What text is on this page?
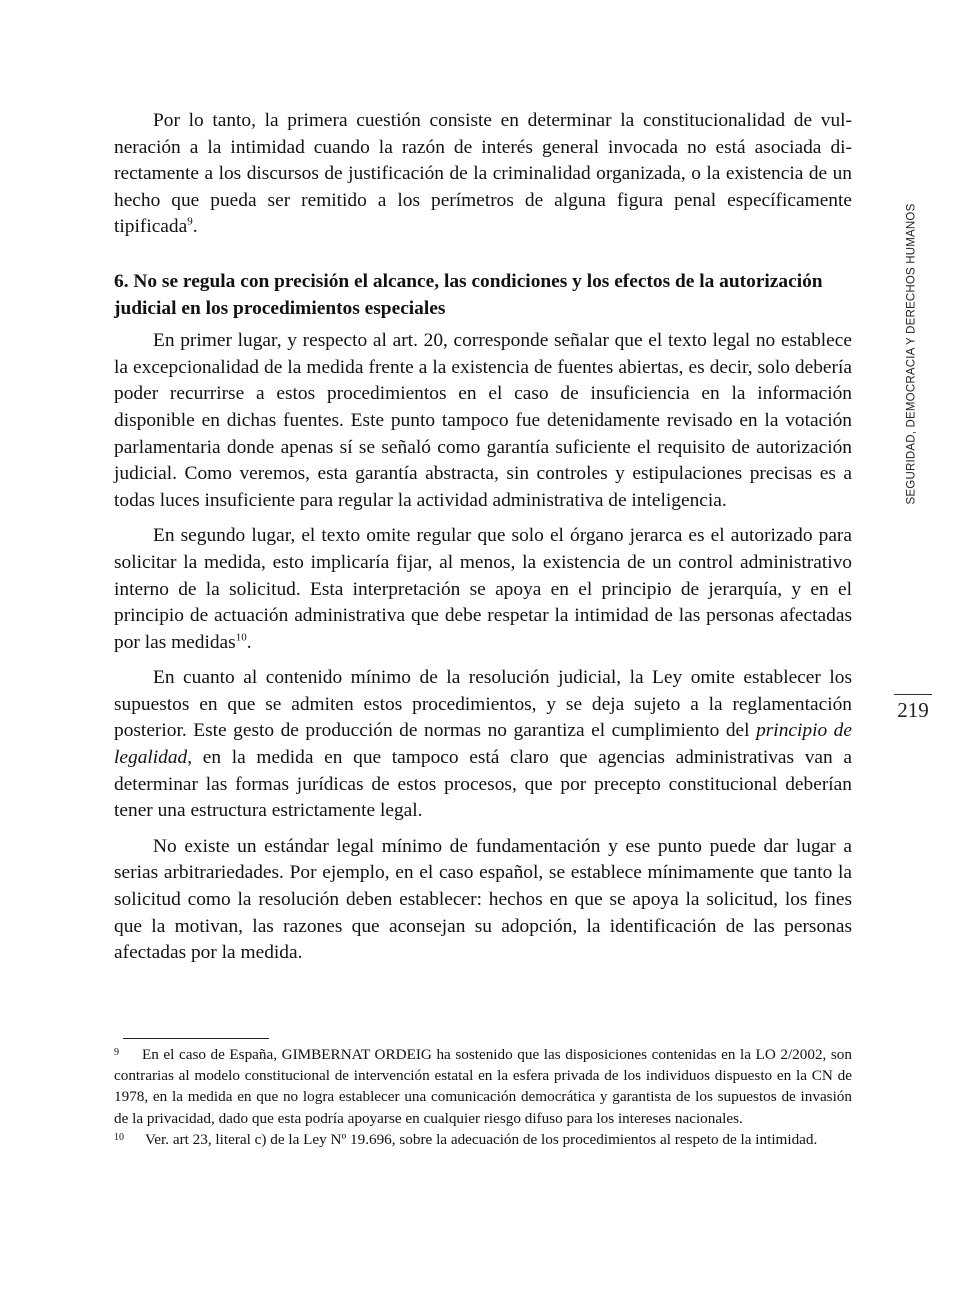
Por lo tanto, la primera cuestión consiste en determinar la constitucionalidad de vulneración a la intimidad cuando la razón de interés general invocada no está asociada directamente a los discursos de justificación de la criminalidad organizada, o la existencia de un hecho que pueda ser remitido a los perímetros de alguna figura penal específicamente tipificada$^9$.

6. No se regula con precisión el alcance, las condiciones y los efectos de la autorización judicial en los procedimientos especiales

En primer lugar, y respecto al art. 20, corresponde señalar que el texto legal no establece la excepcionalidad de la medida frente a la existencia de fuentes abiertas, es decir, solo debería poder recurrirse a estos procedimientos en el caso de insuficiencia en la información disponible en dichas fuentes. Este punto tampoco fue detenidamente revisado en la votación parlamentaria donde apenas sí se señaló como garantía suficiente el requisito de autorización judicial. Como veremos, esta garantía abstracta, sin controles y estipulaciones precisas es a todas luces insuficiente para regular la actividad administrativa de inteligencia.

En segundo lugar, el texto omite regular que solo el órgano jerarca es el autorizado para solicitar la medida, esto implicaría fijar, al menos, la existencia de un control administrativo interno de la solicitud. Esta interpretación se apoya en el principio de jerarquía, y en el principio de actuación administrativa que debe respetar la intimidad de las personas afectadas por las medidas$^{10}$.

En cuanto al contenido mínimo de la resolución judicial, la Ley omite establecer los supuestos en que se admiten estos procedimientos, y se deja sujeto a la reglamentación posterior. Este gesto de producción de normas no garantiza el cumplimiento del principio de legalidad, en la medida en que tampoco está claro que agencias administrativas van a determinar las formas jurídicas de estos procesos, que por precepto constitucional deberían tener una estructura estrictamente legal.

No existe un estándar legal mínimo de fundamentación y ese punto puede dar lugar a serias arbitrariedades. Por ejemplo, en el caso español, se establece mínimamente que tanto la solicitud como la resolución deben establecer: hechos en que se apoya la solicitud, los fines que la motivan, las razones que aconsejan su adopción, la identificación de las personas afectadas por la medida.

SEGURIDAD, DEMOCRACIA Y DERECHOS HUMANOS
219

9 En el caso de España, GIMBERNAT ORDEIG ha sostenido que las disposiciones contenidas en la LO 2/2002, son contrarias al modelo constitucional de intervención estatal en la esfera privada de los individuos dispuesto en la CN de 1978, en la medida en que no logra establecer una comunicación democrática y garantista de los supuestos de invasión de la privacidad, dado que esta podría apoyarse en cualquier riesgo difuso para los intereses nacionales.

10 Ver. art 23, literal c) de la Ley Nº 19.696, sobre la adecuación de los procedimientos al respeto de la intimidad.
